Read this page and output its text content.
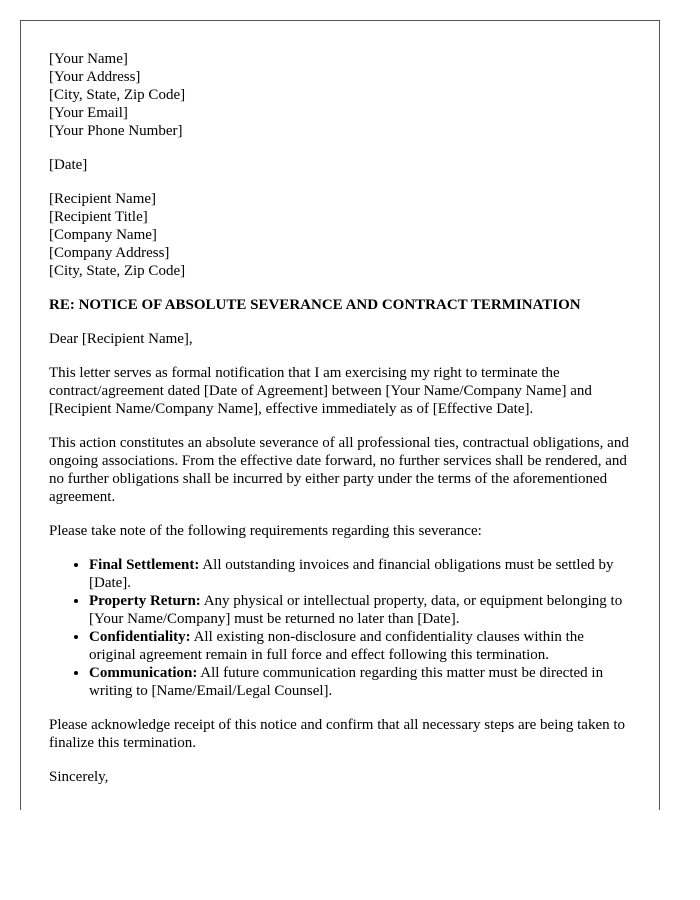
[Your Name]
[Your Address]
[City, State, Zip Code]
[Your Email]
[Your Phone Number]
[Date]
[Recipient Name]
[Recipient Title]
[Company Name]
[Company Address]
[City, State, Zip Code]
RE: NOTICE OF ABSOLUTE SEVERANCE AND CONTRACT TERMINATION

Dear [Recipient Name],

This letter serves as formal notification that I am exercising my right to terminate the contract/agreement dated [Date of Agreement] between [Your Name/Company Name] and [Recipient Name/Company Name], effective immediately as of [Effective Date].

This action constitutes an absolute severance of all professional ties, contractual obligations, and ongoing associations. From the effective date forward, no further services shall be rendered, and no further obligations shall be incurred by either party under the terms of the aforementioned agreement.

Please take note of the following requirements regarding this severance:

• Final Settlement: All outstanding invoices and financial obligations must be settled by [Date].
• Property Return: Any physical or intellectual property, data, or equipment belonging to [Your Name/Company] must be returned no later than [Date].
• Confidentiality: All existing non-disclosure and confidentiality clauses within the original agreement remain in full force and effect following this termination.
• Communication: All future communication regarding this matter must be directed in writing to [Name/Email/Legal Counsel].

Please acknowledge receipt of this notice and confirm that all necessary steps are being taken to finalize this termination.

Sincerely,
